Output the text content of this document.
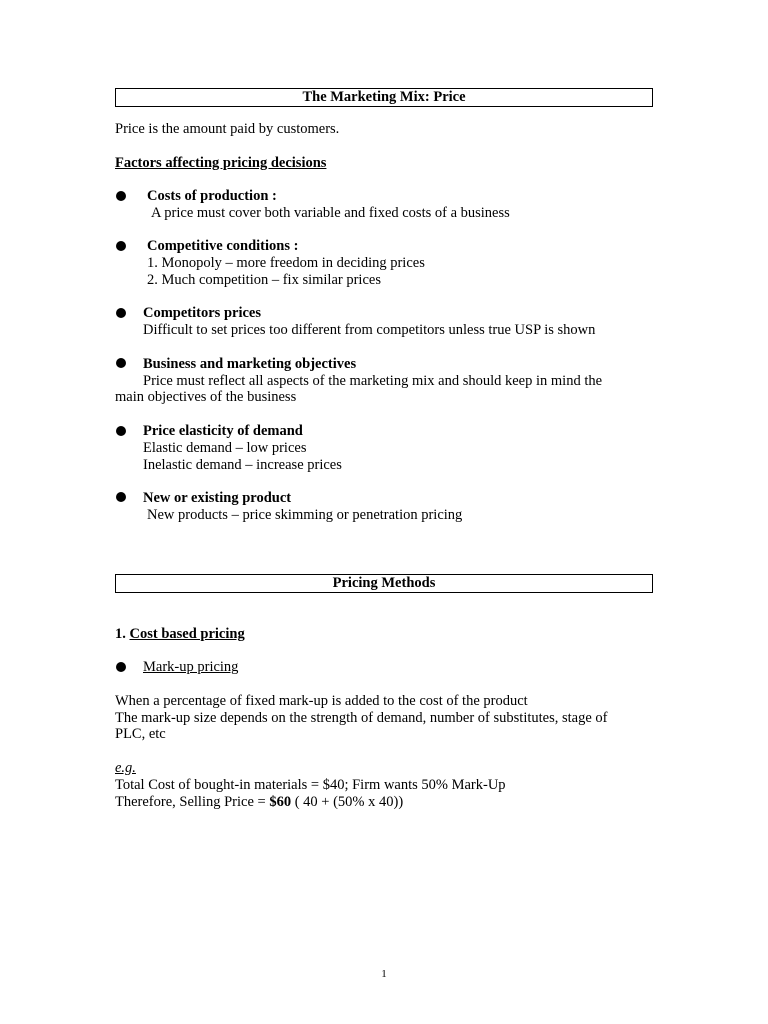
The Marketing Mix: Price
Price is the amount paid by customers.
Factors affecting pricing decisions
Costs of production :
A price must cover both variable and fixed costs of a business
Competitive conditions :
1. Monopoly – more freedom in deciding prices
2. Much competition – fix similar prices
Competitors prices
Difficult to set prices too different from competitors unless true USP is shown
Business and marketing objectives
Price must reflect all aspects of the marketing mix and should keep in mind the
main objectives of the business
Price elasticity of demand
Elastic demand – low prices
Inelastic demand – increase prices
New or existing product
New products – price skimming or penetration pricing
Pricing Methods
1. Cost based pricing
Mark-up pricing
When a percentage of fixed mark-up is added to the cost of the product
The mark-up size depends on the strength of demand, number of substitutes, stage of
PLC, etc
e.g.
Total Cost of bought-in materials = $40; Firm wants 50% Mark-Up
Therefore, Selling Price = $60 ( 40 + (50% x 40))
1
